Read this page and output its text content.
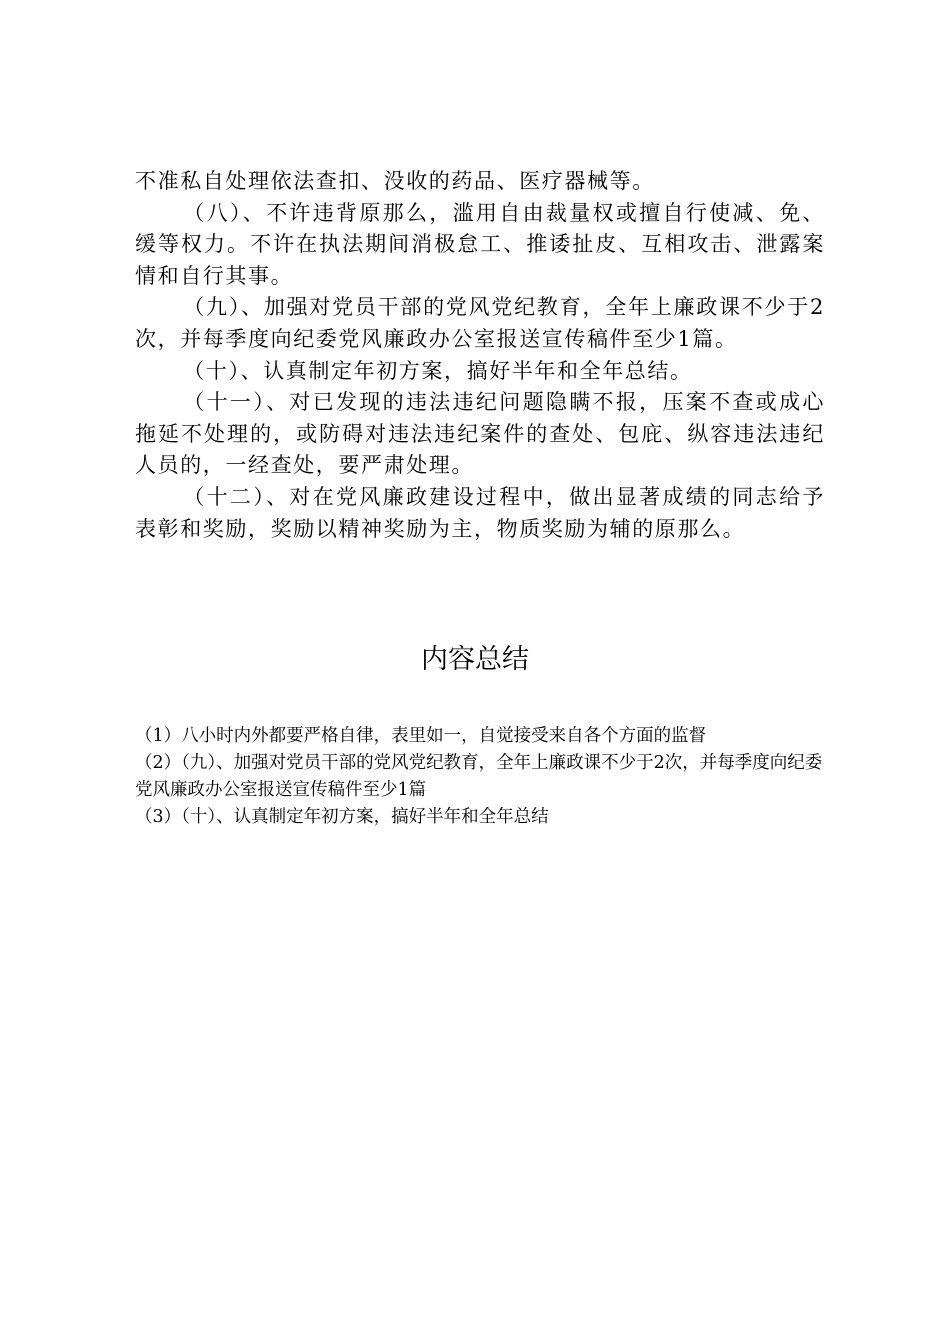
不准私自处理依法查扣、没收的药品、医疗器械等。

（八）、不许违背原那么，滥用自由裁量权或擅自行使减、免、缓等权力。不许在执法期间消极怠工、推诿扯皮、互相攻击、泄露案情和自行其事。

（九）、加强对党员干部的党风党纪教育，全年上廉政课不少于2次，并每季度向纪委党风廉政办公室报送宣传稿件至少1篇。

（十）、认真制定年初方案，搞好半年和全年总结。

（十一）、对已发现的违法违纪问题隐瞒不报，压案不查或成心拖延不处理的，或防碍对违法违纪案件的查处、包庇、纵容违法违纪人员的，一经查处，要严肃处理。

（十二）、对在党风廉政建设过程中，做出显著成绩的同志给予表彰和奖励，奖励以精神奖励为主，物质奖励为辅的原那么。

内容总结

（1）八小时内外都要严格自律，表里如一，自觉接受来自各个方面的监督

（2）（九）、加强对党员干部的党风党纪教育，全年上廉政课不少于2次，并每季度向纪委党风廉政办公室报送宣传稿件至少1篇

（3）（十）、认真制定年初方案，搞好半年和全年总结
